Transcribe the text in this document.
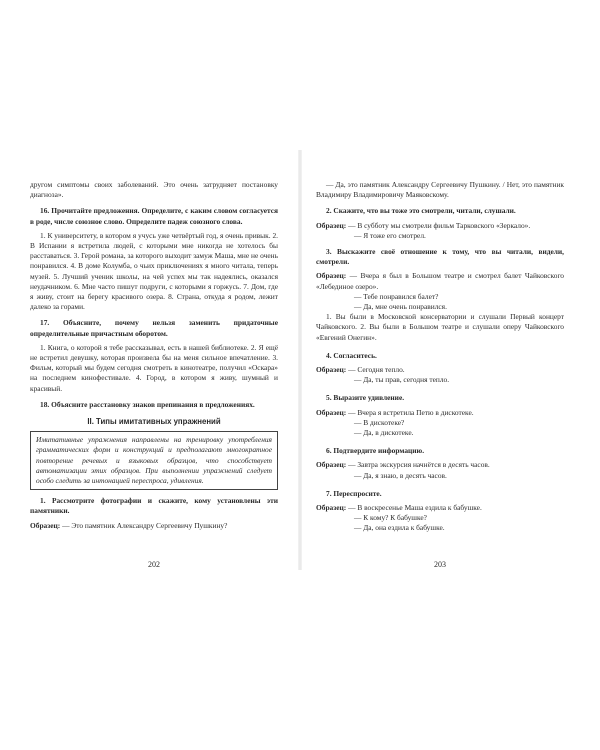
другом симптомы своих заболеваний. Это очень затрудняет постановку диагноза».

16. Прочитайте предложения. Определите, с каким словом согласуется в роде, числе союзное слово. Определите падеж союзного слова.

1. К университету, в котором я учусь уже четвёртый год, я очень привык. 2. В Испании я встретила людей, с которыми мне никогда не хотелось бы расставаться. 3. Герой романа, за которого выходит замуж Маша, мне не очень понравился. 4. В доме Колумба, о чьих приключениях я много читала, теперь музей. 5. Лучший ученик школы, на чей успех мы так надеялись, оказался неудачником. 6. Мне часто пишут подруги, с которыми я горжусь. 7. Дом, где я живу, стоит на берегу красивого озера. 8. Страна, откуда я родом, лежит далеко за горами.

17. Объясните, почему нельзя заменить придаточные определительные причастным оборотом.

1. Книга, о которой я тебе рассказывал, есть в нашей библиотеке. 2. Я ещё не встретил девушку, которая произвела бы на меня сильное впечатление. 3. Фильм, который мы будем сегодня смотреть в кинотеатре, получил «Оскара» на последнем кинофестивале. 4. Город, в котором я живу, шумный и красивый.

18. Объясните расстановку знаков препинания в предложениях.

II. Типы имитативных упражнений

Имитативные упражнения направлены на тренировку употребления грамматических форм и конструкций и предполагают многократное повторение речевых и языковых образцов, что способствует автоматизации этих образцов. При выполнении упражнений следует особо следить за интонацией переспроса, удивления.

1. Рассмотрите фотографии и скажите, кому установлены эти памятники.

Образец: — Это памятник Александру Сергеевичу Пушкину?

202

— Да, это памятник Александру Сергеевичу Пушкину. / Нет, это памятник Владимиру Владимировичу Маяковскому.

2. Скажите, что вы тоже это смотрели, читали, слушали.

Образец: — В субботу мы смотрели фильм Тарковского «Зеркало».

— Я тоже его смотрел.

3. Выскажите своё отношение к тому, что вы читали, видели, смотрели.

Образец: — Вчера я был в Большом театре и смотрел балет Чайковского «Лебединое озеро».

— Тебе понравился балет?

— Да, мне очень понравился.

1. Вы были в Московской консерватории и слушали Первый концерт Чайковского. 2. Вы были в Большом театре и слушали оперу Чайковского «Евгений Онегин».

4. Согласитесь.

Образец: — Сегодня тепло.

— Да, ты прав, сегодня тепло.

5. Выразите удивление.

Образец: — Вчера я встретила Петю в дискотеке.

— В дискотеке?

— Да, в дискотеке.

6. Подтвердите информацию.

Образец: — Завтра экскурсия начнётся в десять часов.

— Да, я знаю, в десять часов.

7. Переспросите.

Образец: — В воскресенье Маша ездила к бабушке.

— К кому? К бабушке?

— Да, она ездила к бабушке.

203
